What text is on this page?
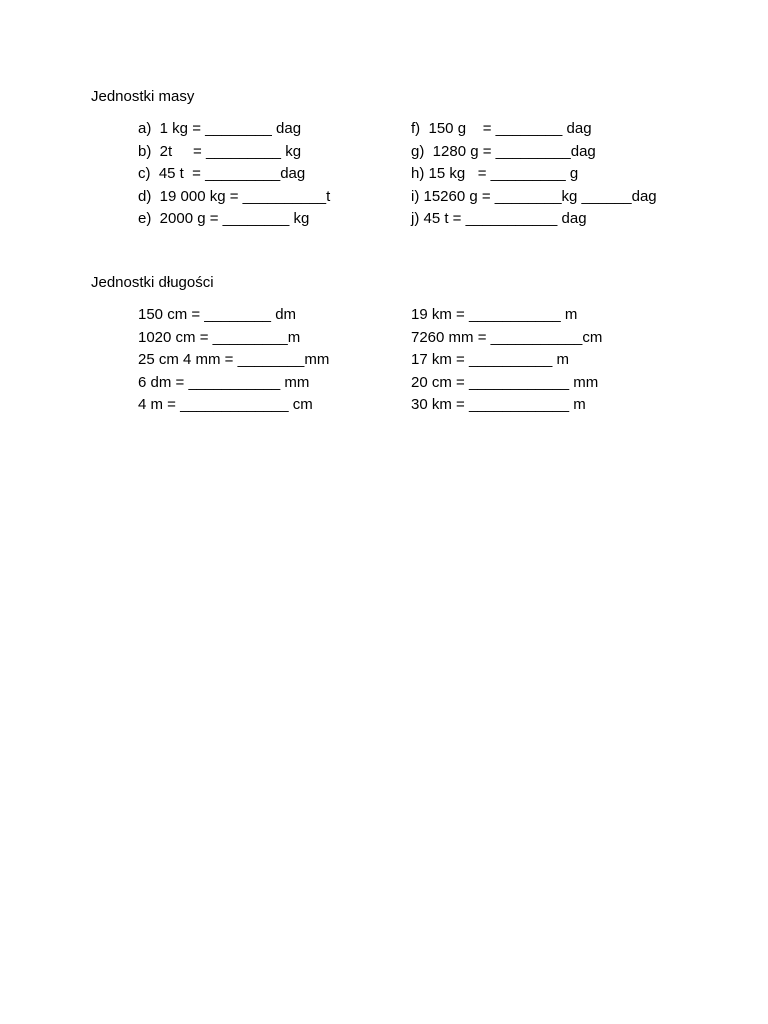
Jednostki masy
a)  1 kg = ________ dag
b)  2t     = _________ kg
c)  45 t  = _________dag
d)  19 000 kg = __________t
e)  2000 g = ________ kg
f)  150 g    = ________ dag
g)  1280 g = _________dag
h) 15 kg   = _________ g
i) 15260 g = ________kg ______dag
j) 45 t = ___________ dag
Jednostki długości
150 cm = ________ dm
1020 cm = _________m
25 cm 4 mm = ________mm
6 dm = ___________ mm
4 m = _____________ cm
19 km = ___________ m
7260 mm = ___________cm
17 km = __________ m
20 cm = ____________ mm
30 km = ____________ m
